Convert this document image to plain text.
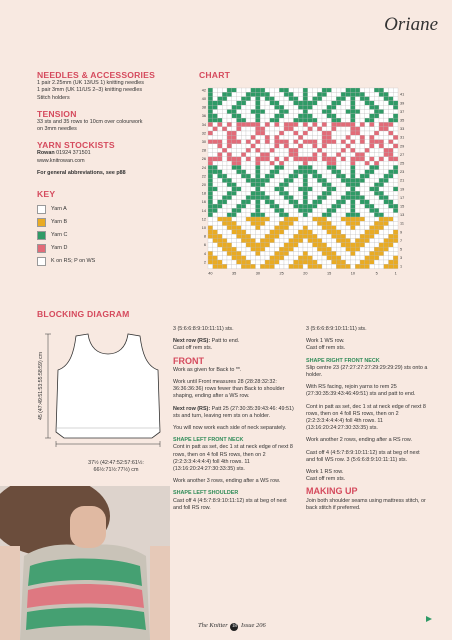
Oriane
NEEDLES & ACCESSORIES
1 pair 2.25mm (UK 13/US 1) knitting needles
1 pair 3mm (UK 11/US 2–3) knitting needles
Stitch holders
TENSION
33 sts and 35 rows to 10cm over colourwork
on 3mm needles
YARN STOCKISTS
Rowan 01924 371501
www.knitrowan.com
For general abbreviations, see p88
KEY
Yarn A
Yarn B
Yarn C
Yarn D
K on RS; P on WS
CHART
42
40
38
36
34
32
30
28
26
24
22
20
18
16
14
12
10
8
6
4
2
41
39
37
35
33
31
29
27
25
23
21
19
17
15
13
11
9
7
5
3
1
40	35	30	25	20	15	10	5	1
BLOCKING DIAGRAM
45 (47:49:51:53:55:58:59) cm
37½ (42:47:52:57:61½:
66½:71½:77½) cm

3 (5:6:6:8:9:10:11:11) sts.

Next row (RS): Patt to end.
Cast off rem sts.

FRONT

Work as given for Back to **.

Work until Front measures 28 (28:28:32:32: 36:36:36:36) rows fewer than Back to shoulder shaping, ending after a WS row.

Next row (RS): Patt 25 (27:30:35:39:43:46: 49:51) sts and turn, leaving rem sts on a holder.

You will now work each side of neck separately.

SHAPE LEFT FRONT NECK

Cont in patt as set, dec 1 st at neck edge of next 8 rows, then on 4 foll RS rows, then on 2 (2:2:3:3:4:4:4:4) foll 4th rows. 11 (13:16:20:24:27:30:33:35) sts.

Work another 3 rows, ending after a WS row.

SHAPE LEFT SHOULDER

Cast off 4 (4:5:7:8:9:10:11:12) sts at beg of next and foll RS row.

3 (5:6:6:8:9:10:11:11) sts.

Work 1 WS row.
Cast off rem sts.

SHAPE RIGHT FRONT NECK

Slip centre 23 (27:27:27:27:29:29:29:29) sts onto a holder.

With RS facing, rejoin yarns to rem 25 (27:30:35:39:43:46:49:51) sts and patt to end.

Cont in patt as set, dec 1 st at neck edge of next 8 rows, then on 4 foll RS rows, then on 2 (2:2:3:3:4:4:4:4) foll 4th rows. 11 (13:16:20:24:27:30:33:35) sts.

Work another 2 rows, ending after a RS row.

Cast off 4 (4:5:7:8:9:10:11:12) sts at beg of next and foll WS row. 3 (5:6:6:8:9:10:11:11) sts.

Work 1 RS row.
Cast off rem sts.

MAKING UP

Join both shoulder seams using mattress stitch, or back stitch if preferred.

The Knitter 18 Issue 206
